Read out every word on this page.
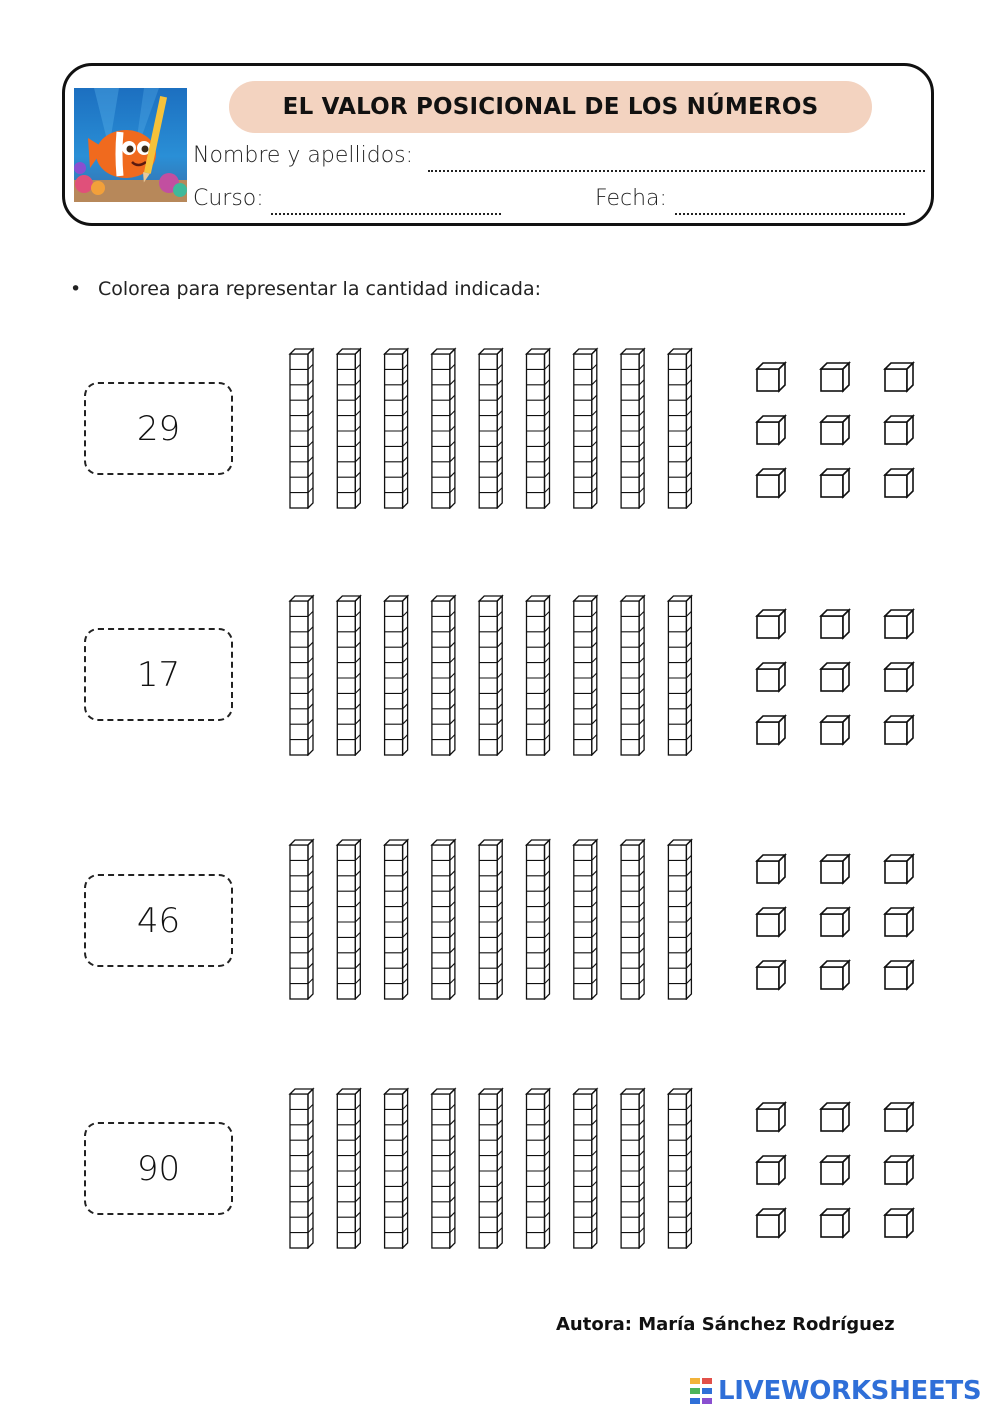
EL VALOR POSICIONAL DE LOS NÚMEROS
Nombre y apellidos:
Curso:	Fecha:
• Colorea para representar la cantidad indicada:
29
17
46
90
Autora: María Sánchez Rodríguez
LIVEWORKSHEETS
